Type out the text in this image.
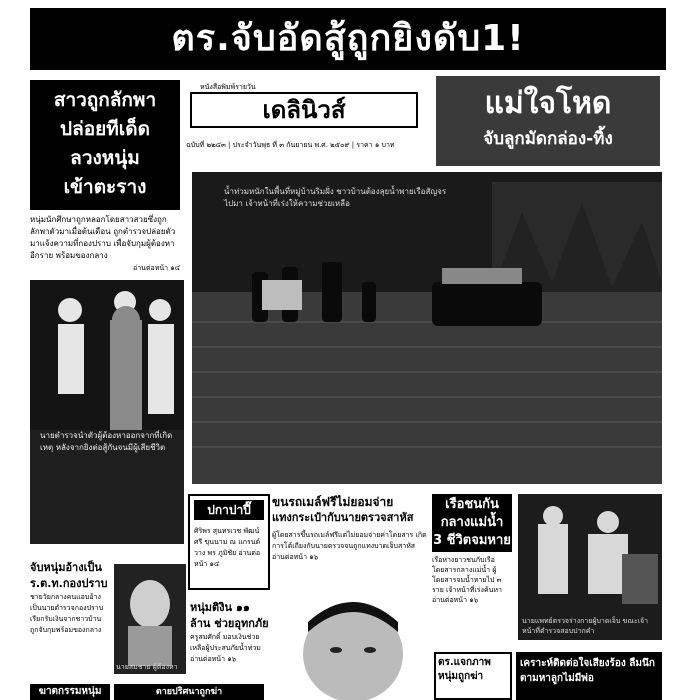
ตร.จับอัดสู้ถูกยิงดับ1!
สาวถูกลักพา
ปล่อยทีเด็ด
ลวงหนุ่ม
เข้าตะราง
หนุ่มนักศึกษาถูกหลอกโดยสาวสวยซึ่งถูกลักพาตัวมาเมื่อต้นเดือน ถูกตำรวจปล่อยตัวมาแจ้งความที่กองปราบ เพื่อจับกุมผู้ต้องหาอีกราย พร้อมของกลาง
อ่านต่อหน้า ๑๔
หนังสือพิมพ์รายวัน
เดลินิวส์
ฉบับที่ ๒๒๔๓ | ประจำวันพุธ ที่ ๓ กันยายน พ.ศ. ๒๕๐๙ | ราคา ๑ บาท
แม่ใจโหด
จับลูกมัดกล่อง-ทิ้ง
น้ำท่วมหนักในพื้นที่หมู่บ้านริมฝั่ง ชาวบ้านต้องลุยน้ำพายเรือสัญจรไปมา เจ้าหน้าที่เร่งให้ความช่วยเหลือ
นายตำรวจนำตัวผู้ต้องหาออกจากที่เกิดเหตุ หลังจากยิงต่อสู้กันจนมีผู้เสียชีวิต
ปกาปาปี๊
ศิริพร สุนทรเวช พัฒน์ศรี ขุนนาม ณ แกรนด์วาง พร ภูมิชัย อ่านต่อหน้า ๑๔
ขนรถเมล์ฟรีไม่ยอมจ่าย
แทงกระเป๋ากับนายตรวจสาหัส
ผู้โดยสารขึ้นรถเมล์ฟรีแต่ไม่ยอมจ่ายค่าโดยสาร เกิดการโต้เถียงกับนายตรวจจนถูกแทงบาดเจ็บสาหัส อ่านต่อหน้า ๑๖
เรือชนกัน
กลางแม่น้ำ
3 ชีวิตจมหาย
เรือหางยาวชนกับเรือโดยสารกลางแม่น้ำ ผู้โดยสารจมน้ำหายไป ๓ ราย เจ้าหน้าที่เร่งค้นหา อ่านต่อหน้า ๑๖
นายแพทย์ตรวจร่างกายผู้บาดเจ็บ ขณะเจ้าหน้าที่ตำรวจสอบปากคำ
จับหนุ่มอ้างเป็น ร.ต.ท.กองปราบ
ชายวัยกลางคนแอบอ้างเป็นนายตำรวจกองปราบ เรียกรับเงินจากชาวบ้าน ถูกจับกุมพร้อมของกลาง
นายสมชาย ผู้ต้องหา
หนุ่มติงิน ๑๑ ล้าน ช่วยอุทกภัย
ครูสมศักดิ์ มอบเงินช่วยเหลือผู้ประสบภัยน้ำท่วม อ่านต่อหน้า ๑๖	ตร.แจกภาพหนุ่มถูกฆ่า
เคราะห์ติดต่อใจเสียงร้อง ลืมนึกตามหาลูกไม่มีพ่อ
ฆาตกรรมหนุ่ม	ตายปริศนาถูกฆ่า
